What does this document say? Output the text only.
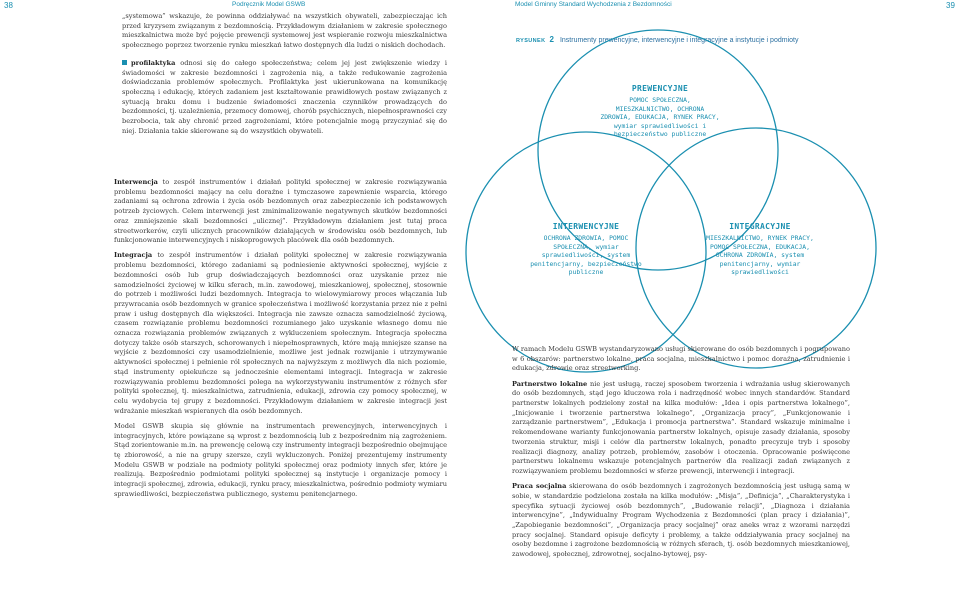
38	Podręcznik Model GSWB	Model Gminny Standard Wychodzenia z Bezdomności	39

„systemowa” wskazuje, że powinna oddziaływać na wszystkich obywateli, zabezpieczając ich przed kryzysem związanym z bezdomnością. Przykładowym działaniem w zakresie społecznego mieszkalnictwa może być pojęcie prewencji systemowej jest wspieranie rozwoju mieszkalnictwa społecznego poprzez tworzenie rynku mieszkań łatwo dostępnych dla ludzi o niskich dochodach.

profilaktyka odnosi się do całego społeczeństwa; celem jej jest zwiększenie wiedzy i świadomości w zakresie bezdomności i zagrożenia nią, a także redukowanie zagrożenia doświadczania problemów społecznych. Profilaktyka jest ukierunkowana na komunikację społeczną i edukację, których zadaniem jest kształtowanie prawidłowych postaw związanych z sytuacją braku domu i budzenie świadomości znaczenia czynników prowadzących do bezdomności, tj. uzależnienia, przemocy domowej, chorób psychicznych, niepełnosprawności czy bezrobocia, tak aby chronić przed zagrożeniami, które potencjalnie mogą przyczyniać się do niej. Działania takie skierowane są do wszystkich obywateli.

Interwencja to zespół instrumentów i działań polityki społecznej w zakresie rozwiązywania problemu bezdomności mający na celu doraźne i tymczasowe zapewnienie wsparcia, którego zadaniami są ochrona zdrowia i życia osób bezdomnych oraz zabezpieczenie ich podstawowych potrzeb życiowych. Celem interwencji jest zminimalizowanie negatywnych skutków bezdomności oraz zmniejszenie skali bezdomności „ulicznej”. Przykładowym działaniem jest tutaj praca streetworkerów, czyli ulicznych pracowników działających w środowisku osób bezdomnych, lub funkcjonowanie interwencyjnych i niskoprogowych placówek dla osób bezdomnych.

Integracja to zespół instrumentów i działań polityki społecznej w zakresie rozwiązywania problemu bezdomności, którego zadaniami są podniesienie aktywności społecznej, wyjście z bezdomności osób lub grup doświadczających bezdomności oraz uzyskanie przez nie samodzielności życiowej w kilku sferach, m.in. zawodowej, mieszkaniowej, społecznej, stosownie do potrzeb i możliwości ludzi bezdomnych. Integracja to wielowymiarowy proces włączania lub przywracania osób bezdomnych w granice społeczeństwa i możliwość korzystania przez nie z pełni praw i usług dostępnych dla większości. Integracja nie zawsze oznacza samodzielność życiową, czasem rozwiązanie problemu bezdomności rozumianego jako uzyskanie własnego domu nie oznacza rozwiązania problemów związanych z wykluczeniem społecznym. Integracja społeczna dotyczy także osób starszych, schorowanych i niepełnosprawnych, które mają mniejsze szanse na wyjście z bezdomności czy usamodzielnienie, możliwe jest jednak rozwijanie i utrzymywanie aktywności społecznej i pełnienie ról społecznych na najwyższym z możliwych dla nich poziomie, stąd instrumenty opiekuńcze są jednocześnie elementami integracji. Integracja w zakresie rozwiązywania problemu bezdomności polega na wykorzystywaniu instrumentów z różnych sfer polityki społecznej, tj. mieszkalnictwa, zatrudnienia, edukacji, zdrowia czy pomocy społecznej, w celu wydobycia tej grupy z bezdomności. Przykładowym działaniem w zakresie integracji jest wdrażanie mieszkań wspieranych dla osób bezdomnych.

Model GSWB skupia się głównie na instrumentach prewencyjnych, interwencyjnych i integracyjnych, które powiązane są wprost z bezdomnością lub z bezpośrednim nią zagrożeniem. Stąd zorientowanie m.in. na prewencję celową czy instrumenty integracji bezpośrednio obejmujące tę zbiorowość, a nie na grupy szersze, czyli wykluczonych. Poniżej prezentujemy instrumenty Modelu GSWB w podziale na podmioty polityki społecznej oraz podmioty innych sfer, które je realizują. Bezpośrednio podmiotami polityki społecznej są instytucje i organizacje pomocy i integracji społecznej, zdrowia, edukacji, rynku pracy, mieszkalnictwa, pośrednio podmioty wymiaru sprawiedliwości, bezpieczeństwa publicznego, systemu penitencjarnego.

RYSUNEK 2 Instrumenty prewencyjne, interwencyjne i integracyjne a instytucje i podmioty
PREWENCYJNE
POMOC SPOŁECZNA, MIESZKALNICTWO, OCHRONA ZDROWIA, EDUKACJA, RYNEK PRACY, wymiar sprawiedliwości i bezpieczeństwo publiczne
INTERWENCYJNE
OCHRONA ZDROWIA, POMOC SPOŁECZNA, wymiar sprawiedliwości, system penitencjarny, bezpieczeństwo publiczne
INTEGRACYJNE
MIESZKALNICTWO, RYNEK PRACY, POMOC SPOŁECZNA, EDUKACJA, OCHRONA ZDROWIA, system penitencjarny, wymiar sprawiedliwości

W ramach Modelu GSWB wystandaryzowano usługi skierowane do osób bezdomnych i pogrupowano w 6 obszarów: partnerstwo lokalne, praca socjalna, mieszkalnictwo i pomoc doraźna, zatrudnienie i edukacja, zdrowie oraz streetworking.

Partnerstwo lokalne nie jest usługą, raczej sposobem tworzenia i wdrażania usług skierowanych do osób bezdomnych, stąd jego kluczowa rola i nadrzędność wobec innych standardów. Standard partnerstw lokalnych podzielony został na kilka modułów: „Idea i opis partnerstwa lokalnego”, „Inicjowanie i tworzenie partnerstwa lokalnego”, „Organizacja pracy”, „Funkcjonowanie i zarządzanie partnerstwem”, „Edukacja i promocja partnerstwa”. Standard wskazuje minimalne i rekomendowane warianty funkcjonowania partnerstw lokalnych, opisuje zasady działania, sposoby tworzenia struktur, misji i celów dla partnerstw lokalnych, ponadto precyzuje tryb i sposoby realizacji diagnozy, analizy potrzeb, problemów, zasobów i otoczenia. Opracowanie poświęcone partnerstwu lokalnemu wskazuje potencjalnych partnerów dla realizacji zadań związanych z rozwiązywaniem problemu bezdomności w sferze prewencji, interwencji i integracji.

Praca socjalna skierowana do osób bezdomnych i zagrożonych bezdomnością jest usługą samą w sobie, w standardzie podzielona została na kilka modułów: „Misja”, „Definicja”, „Charakterystyka i specyfika sytuacji życiowej osób bezdomnych”, „Budowanie relacji”, „Diagnoza i działania interwencyjne”, „Indywidualny Program Wychodzenia z Bezdomności (plan pracy i działania)”, „Zapobieganie bezdomności”, „Organizacja pracy socjalnej” oraz aneks wraz z wzorami narzędzi pracy socjalnej. Standard opisuje deficyty i problemy, a także oddziaływania pracy socjalnej na osoby bezdomne i zagrożone bezdomnością w różnych sferach, tj. osób bezdomnych mieszkaniowej, zawodowej, społecznej, zdrowotnej, socjalno-bytowej, psy-
